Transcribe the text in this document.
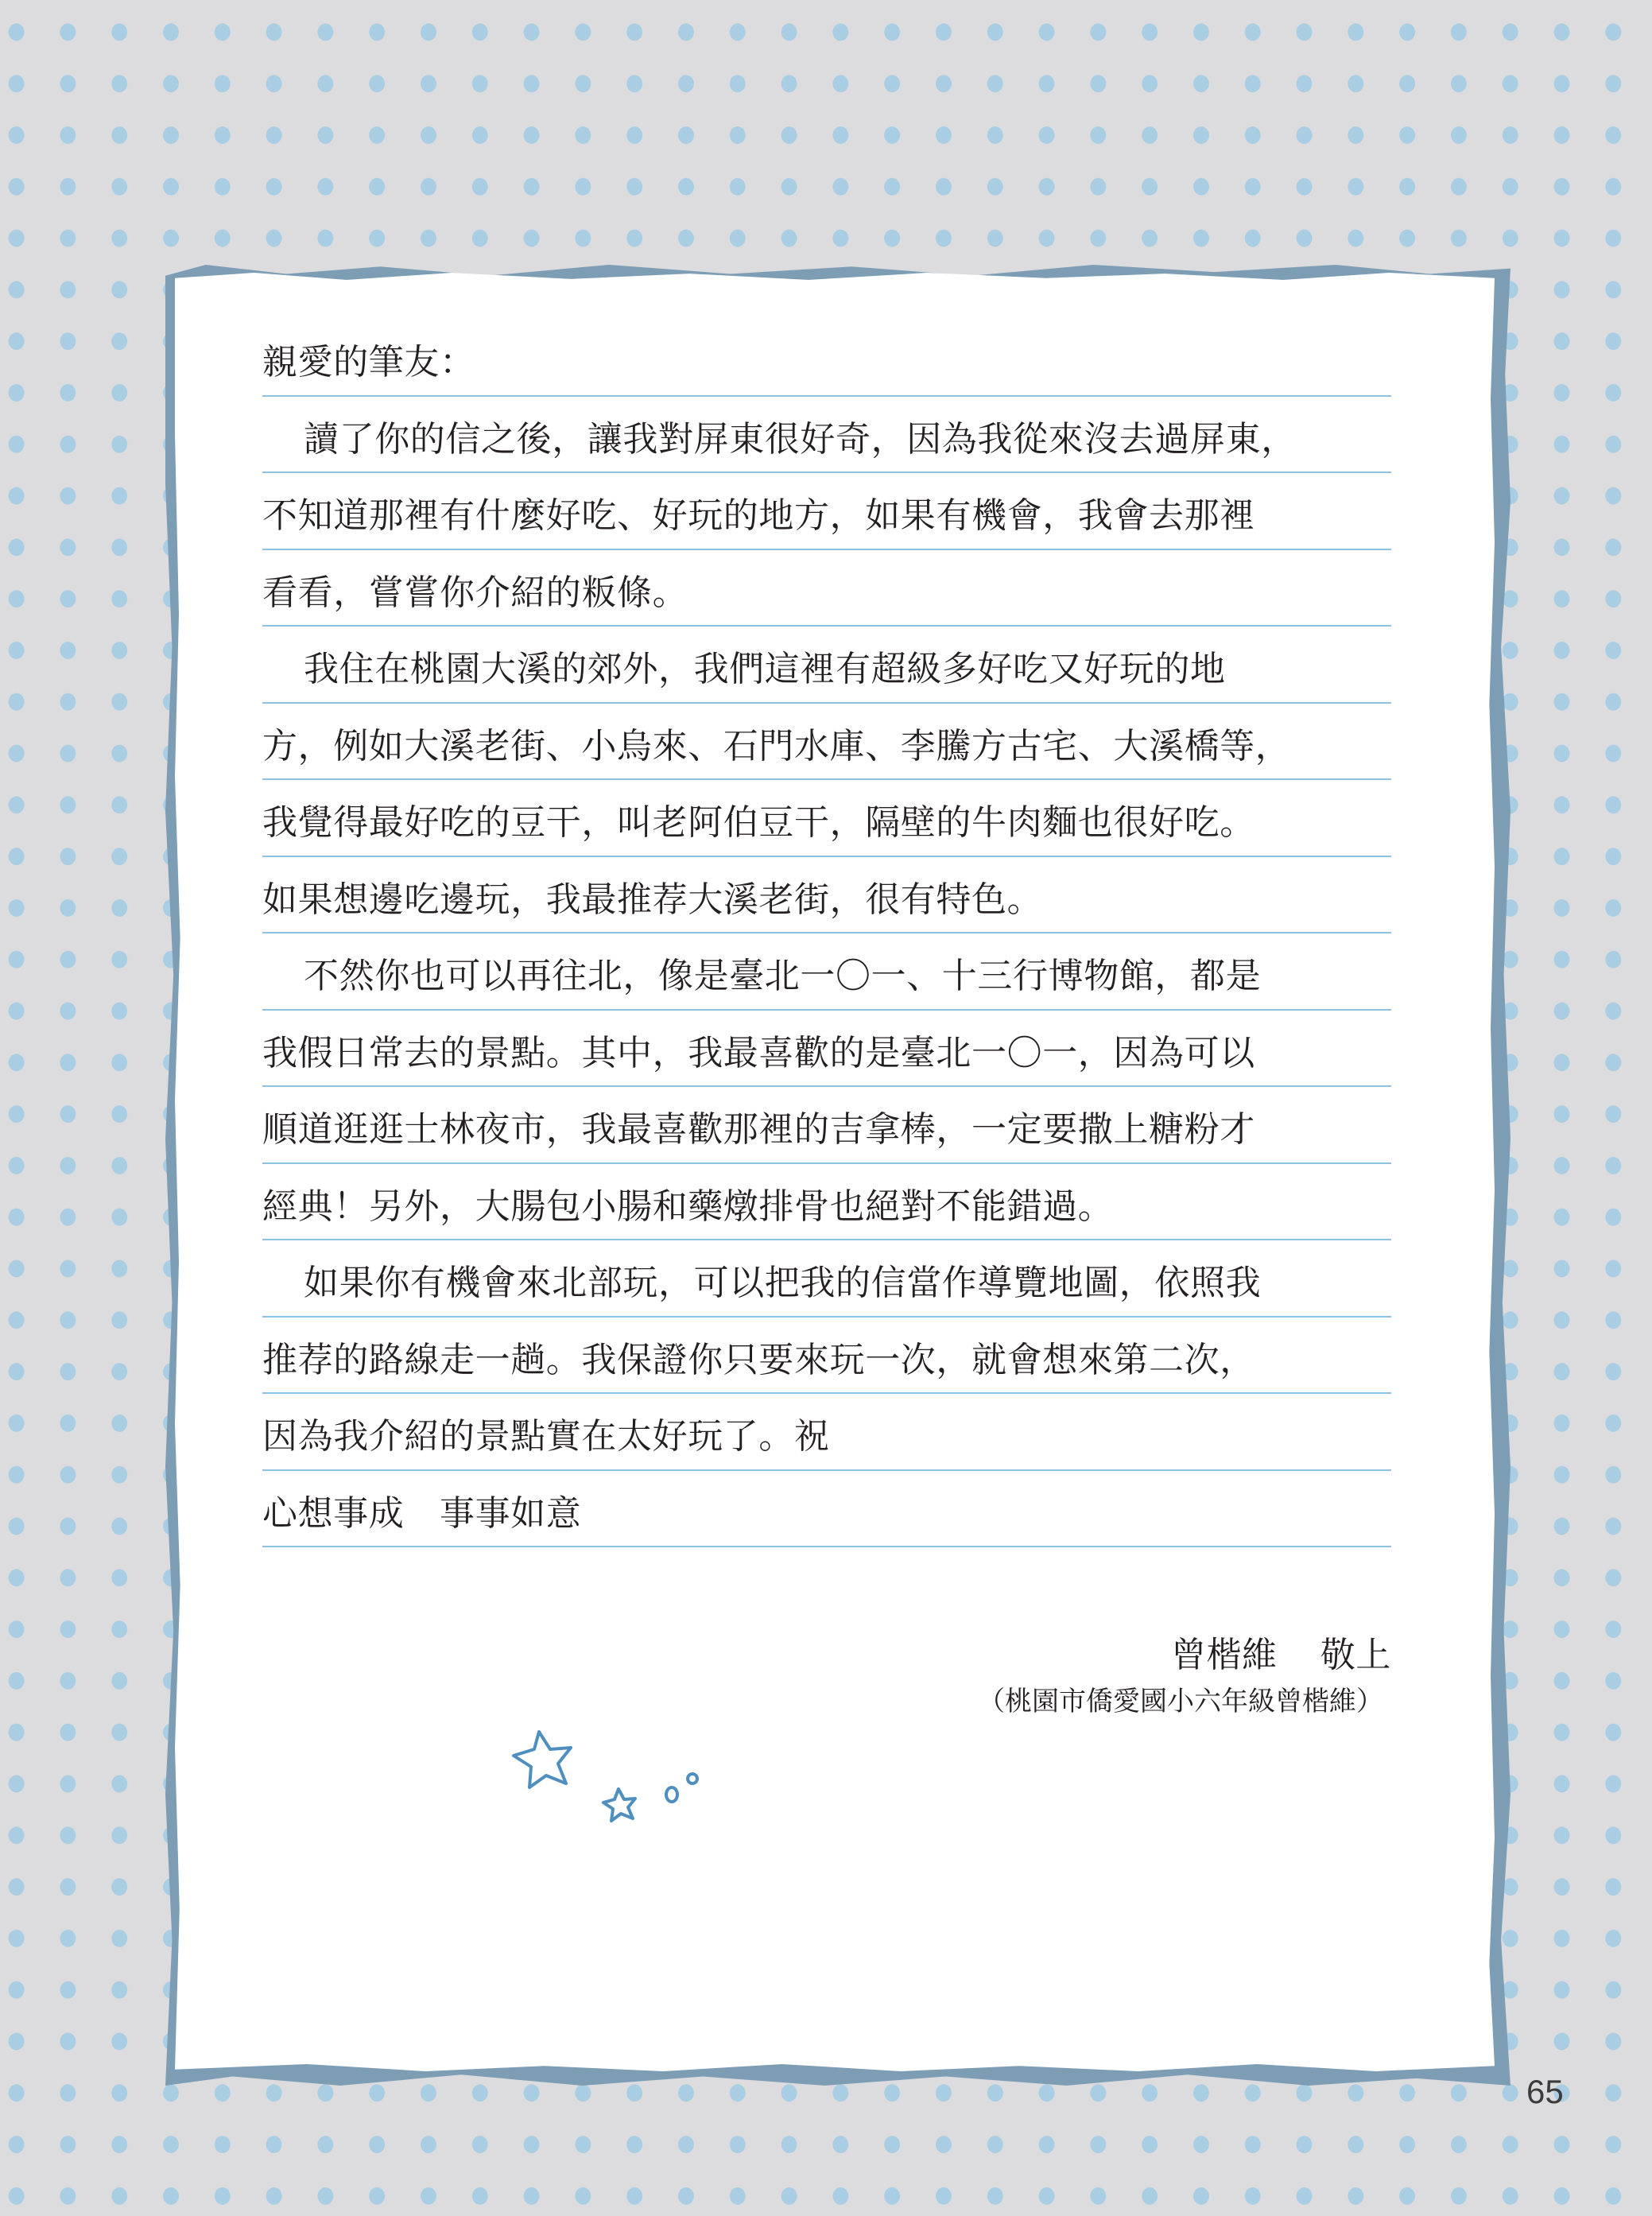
親愛的筆友：
讀了你的信之後，讓我對屏東很好奇，因為我從來沒去過屏東，
不知道那裡有什麼好吃、好玩的地方，如果有機會，我會去那裡
看看，嘗嘗你介紹的粄條。
我住在桃園大溪的郊外，我們這裡有超級多好吃又好玩的地
方，例如大溪老街、小烏來、石門水庫、李騰方古宅、大溪橋等，
我覺得最好吃的豆干，叫老阿伯豆干，隔壁的牛肉麵也很好吃。
如果想邊吃邊玩，我最推荐大溪老街，很有特色。
不然你也可以再往北，像是臺北一〇一、十三行博物館，都是
我假日常去的景點。其中，我最喜歡的是臺北一〇一，因為可以
順道逛逛士林夜市，我最喜歡那裡的吉拿棒，一定要撒上糖粉才
經典！另外，大腸包小腸和藥燉排骨也絕對不能錯過。
如果你有機會來北部玩，可以把我的信當作導覽地圖，依照我
推荐的路線走一趟。我保證你只要來玩一次，就會想來第二次，
因為我介紹的景點實在太好玩了。祝
心想事成　事事如意
曾楷維 敬上
（桃園市僑愛國小六年級曾楷維）
65
